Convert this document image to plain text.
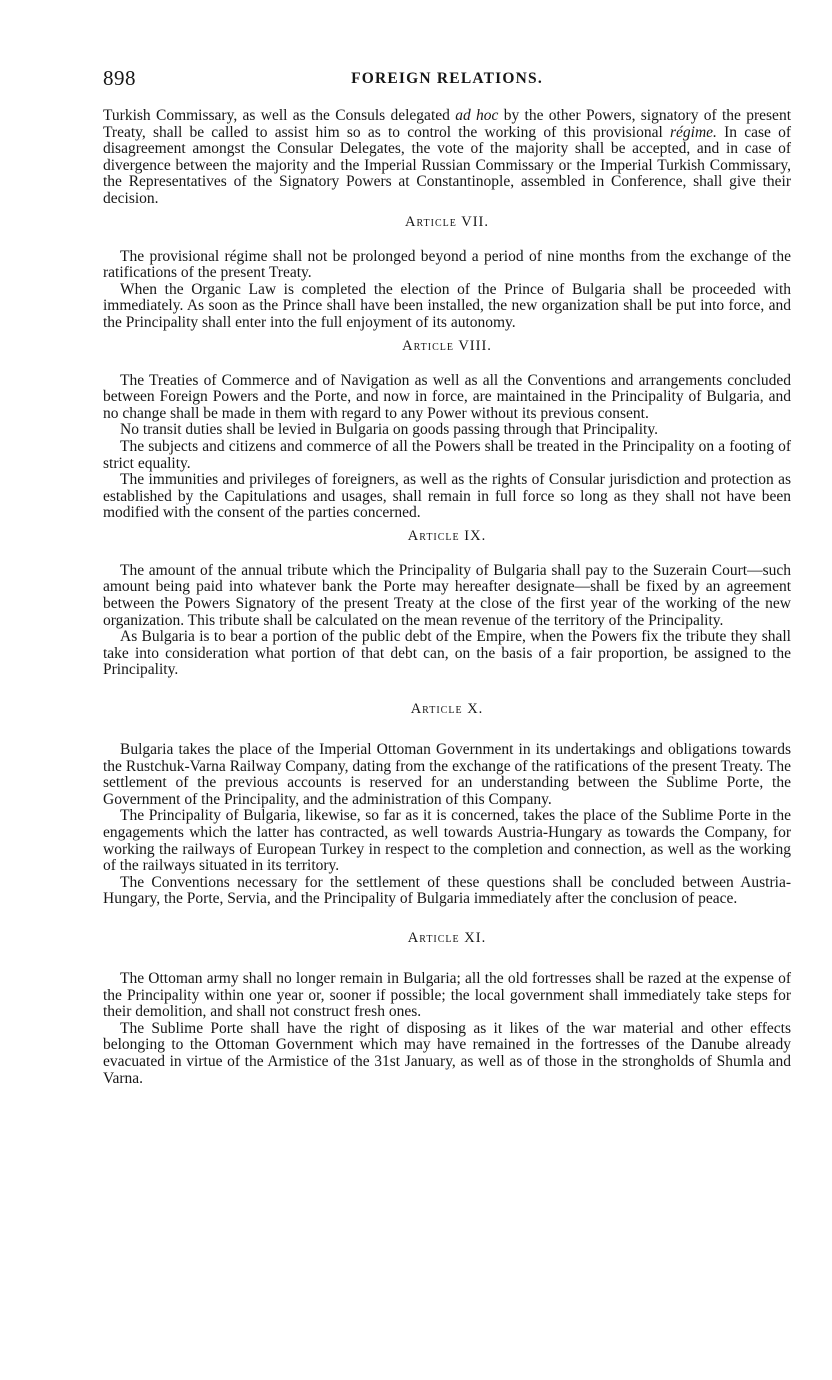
898	FOREIGN RELATIONS.

Turkish Commissary, as well as the Consuls delegated ad hoc by the other Powers, signatory of the present Treaty, shall be called to assist him so as to control the working of this provisional régime. In case of disagreement amongst the Consular Delegates, the vote of the majority shall be accepted, and in case of divergence between the majority and the Imperial Russian Commissary or the Imperial Turkish Commissary, the Representatives of the Signatory Powers at Constantinople, assembled in Conference, shall give their decision.

Article VII.

The provisional régime shall not be prolonged beyond a period of nine months from the exchange of the ratifications of the present Treaty.

When the Organic Law is completed the election of the Prince of Bulgaria shall be proceeded with immediately. As soon as the Prince shall have been installed, the new organization shall be put into force, and the Principality shall enter into the full enjoyment of its autonomy.

Article VIII.

The Treaties of Commerce and of Navigation as well as all the Conventions and arrangements concluded between Foreign Powers and the Porte, and now in force, are maintained in the Principality of Bulgaria, and no change shall be made in them with regard to any Power without its previous consent.

No transit duties shall be levied in Bulgaria on goods passing through that Principality.

The subjects and citizens and commerce of all the Powers shall be treated in the Principality on a footing of strict equality.

The immunities and privileges of foreigners, as well as the rights of Consular jurisdiction and protection as established by the Capitulations and usages, shall remain in full force so long as they shall not have been modified with the consent of the parties concerned.

Article IX.

The amount of the annual tribute which the Principality of Bulgaria shall pay to the Suzerain Court—such amount being paid into whatever bank the Porte may hereafter designate—shall be fixed by an agreement between the Powers Signatory of the present Treaty at the close of the first year of the working of the new organization. This tribute shall be calculated on the mean revenue of the territory of the Principality.

As Bulgaria is to bear a portion of the public debt of the Empire, when the Powers fix the tribute they shall take into consideration what portion of that debt can, on the basis of a fair proportion, be assigned to the Principality.

Article X.

Bulgaria takes the place of the Imperial Ottoman Government in its undertakings and obligations towards the Rustchuk-Varna Railway Company, dating from the exchange of the ratifications of the present Treaty. The settlement of the previous accounts is reserved for an understanding between the Sublime Porte, the Government of the Principality, and the administration of this Company.

The Principality of Bulgaria, likewise, so far as it is concerned, takes the place of the Sublime Porte in the engagements which the latter has contracted, as well towards Austria-Hungary as towards the Company, for working the railways of European Turkey in respect to the completion and connection, as well as the working of the railways situated in its territory.

The Conventions necessary for the settlement of these questions shall be concluded between Austria-Hungary, the Porte, Servia, and the Principality of Bulgaria immediately after the conclusion of peace.

Article XI.

The Ottoman army shall no longer remain in Bulgaria; all the old fortresses shall be razed at the expense of the Principality within one year or, sooner if possible; the local government shall immediately take steps for their demolition, and shall not construct fresh ones.

The Sublime Porte shall have the right of disposing as it likes of the war material and other effects belonging to the Ottoman Government which may have remained in the fortresses of the Danube already evacuated in virtue of the Armistice of the 31st January, as well as of those in the strongholds of Shumla and Varna.
